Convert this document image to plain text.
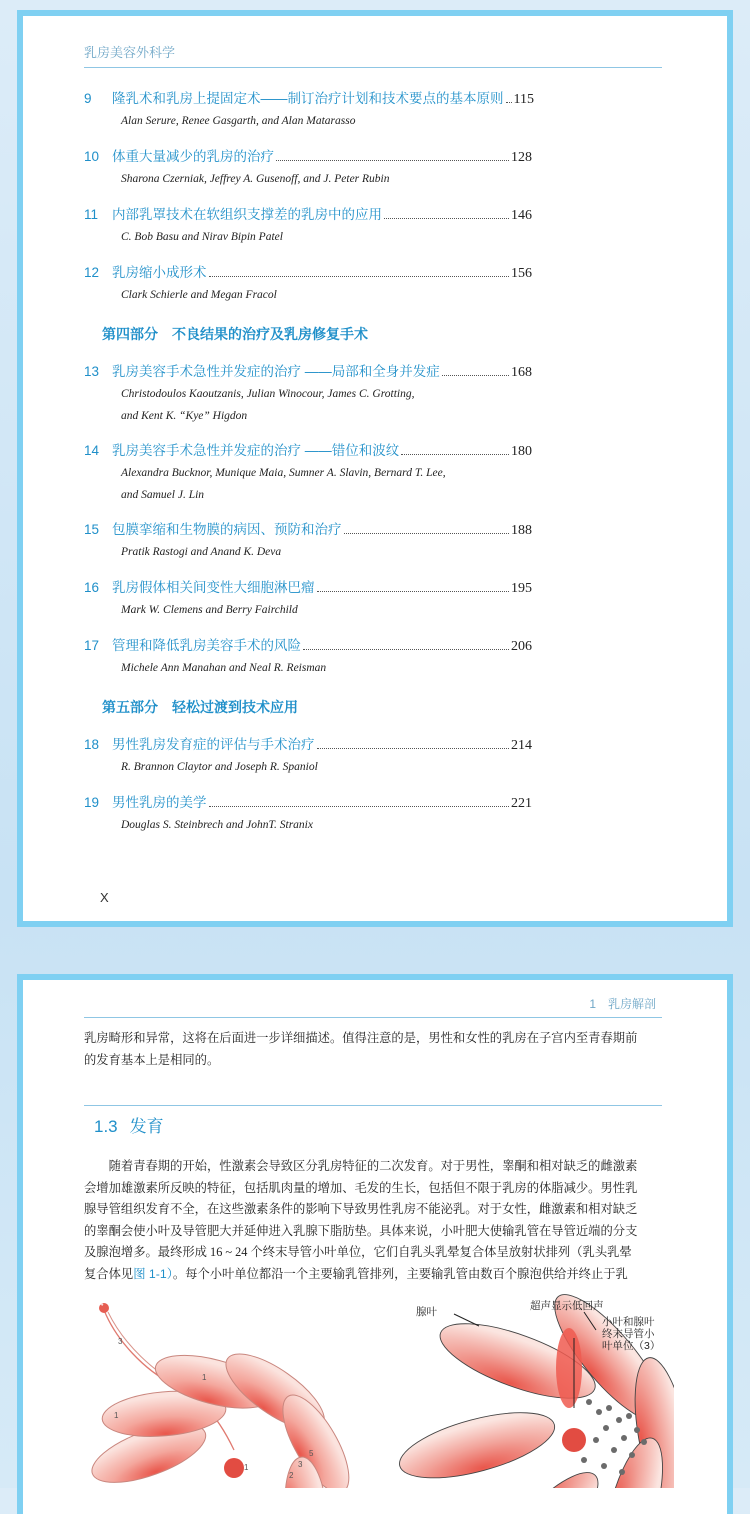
乳房美容外科学
9	隆乳术和乳房上提固定术——制订治疗计划和技术要点的基本原则 115
Alan Serure, Renee Gasgarth, and Alan Matarasso
10 体重大量减少的乳房的治疗	128
Sharona Czerniak, Jeffrey A. Gusenoff, and J. Peter Rubin
11	内部乳罩技术在软组织支撑差的乳房中的应用	146
C. Bob Basu and Nirav Bipin Patel
12 乳房缩小成形术	156
Clark Schierle and Megan Fracol
13 乳房美容手术急性并发症的治疗 ——局部和全身并发症	168
Christodoulos Kaoutzanis, Julian Winocour, James C. Grotting,
and Kent K. “Kye” Higdon
14 乳房美容手术急性并发症的治疗 ——错位和波纹	180
Alexandra Bucknor, Munique Maia, Sumner A. Slavin, Bernard T. Lee,
and Samuel J. Lin
15 包膜挛缩和生物膜的病因、预防和治疗	188
Pratik Rastogi and Anand K. Deva
16 乳房假体相关间变性大细胞淋巴瘤	195
Mark W. Clemens and Berry Fairchild
17 管理和降低乳房美容手术的风险	206
Michele Ann Manahan and Neal R. Reisman
18 男性乳房发育症的评估与手术治疗	214
R. Brannon Claytor and Joseph R. Spaniol
19 男性乳房的美学	221
Douglas S. Steinbrech and JohnT. Stranix
第四部分　不良结果的治疗及乳房修复手术
第五部分　轻松过渡到技术应用
X
1　乳房解剖

乳房畸形和异常，这将在后面进一步详细描述。值得注意的是，男性和女性的乳房在子宫内至青春期前
的发育基本上是相同的。

1.3 发育

　　随着青春期的开始，性激素会导致区分乳房特征的二次发育。对于男性，睾酮和相对缺乏的雌激素
会增加雄激素所反映的特征，包括肌肉量的增加、毛发的生长，包括但不限于乳房的体脂减少。男性乳
腺导管组织发育不全，在这些激素条件的影响下导致男性乳房不能泌乳。对于女性，雌激素和相对缺乏
的睾酮会使小叶及导管肥大并延伸进入乳腺下脂肪垫。具体来说，小叶肥大使输乳管在导管近端的分支
及腺泡增多。最终形成 16 ~ 24 个终末导管小叶单位，它们自乳头乳晕复合体呈放射状排列（乳头乳晕
复合体见图 1-1）。每个小叶单位都沿一个主要输乳管排列，主要输乳管由数百个腺泡供给并终止于乳

3
4
1
1
1
2
5
3
超声显示低回声
腺叶
小叶和腺叶
终末导管小
叶单位（3）
